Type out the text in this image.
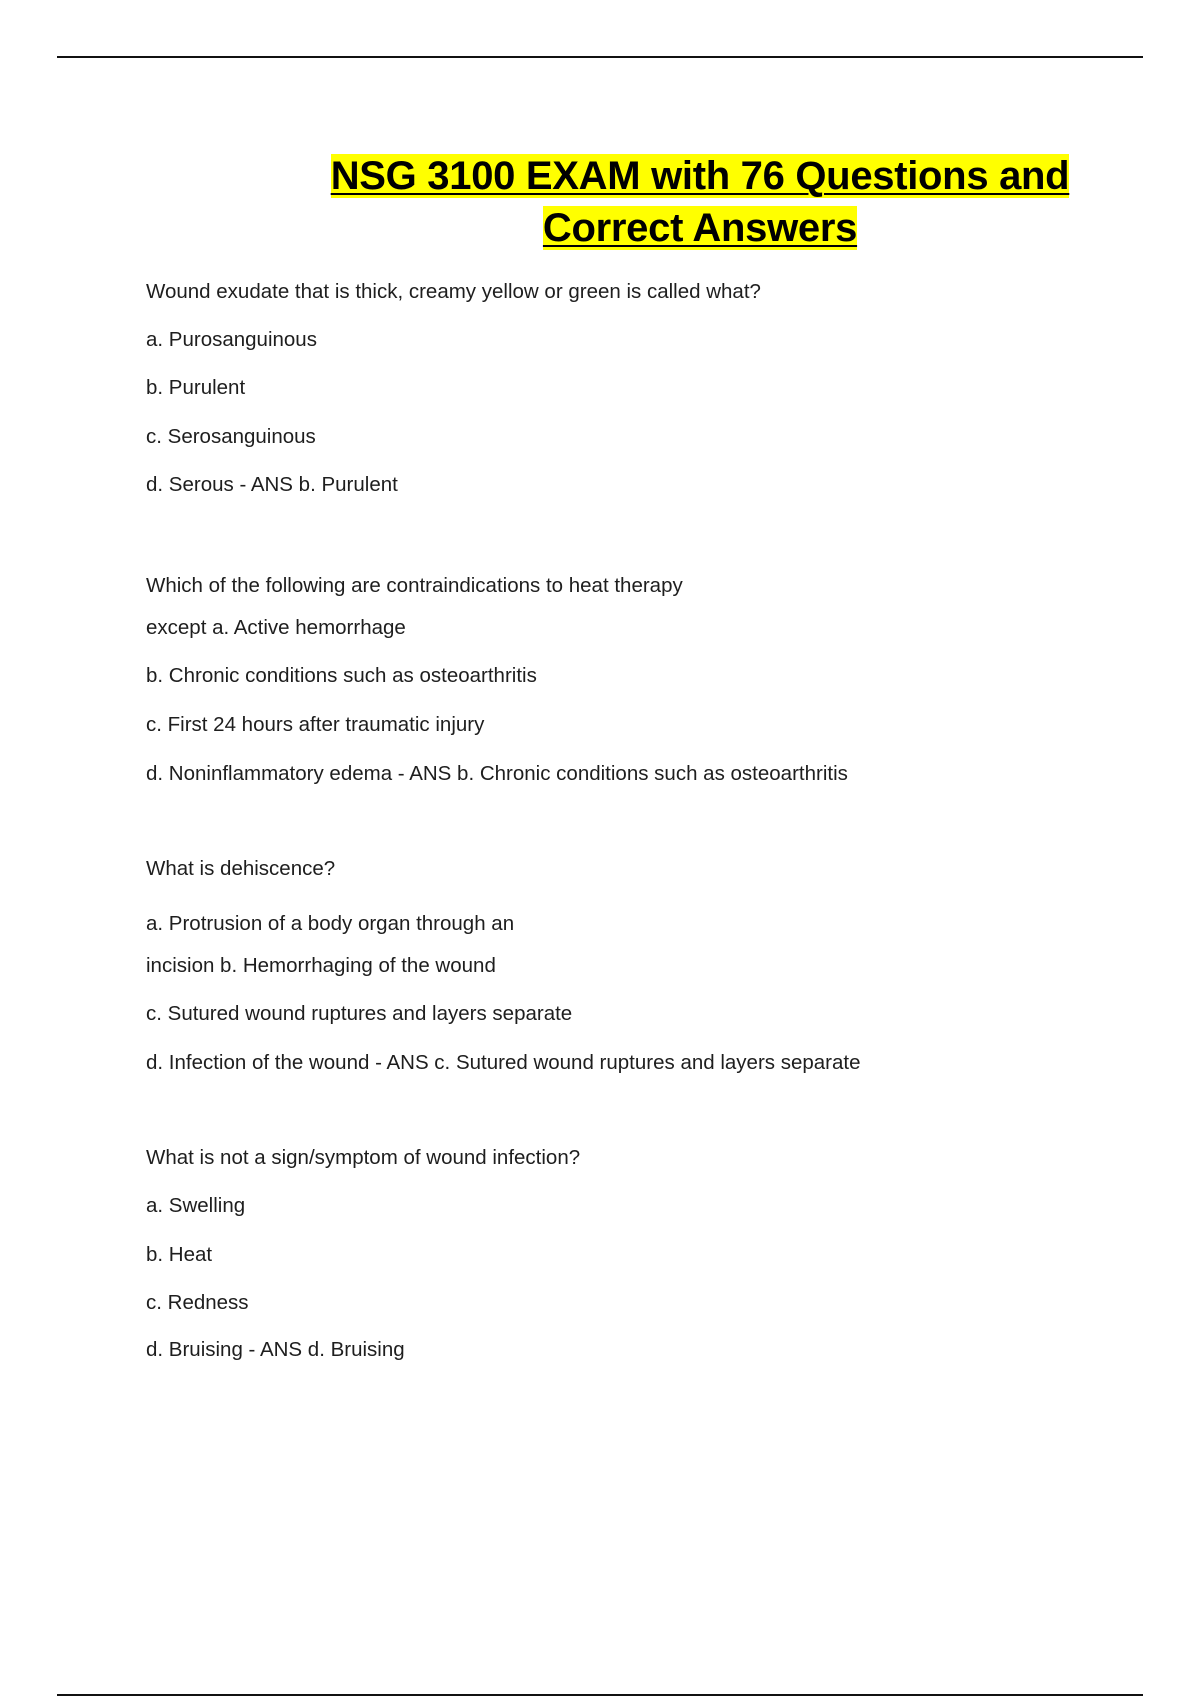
NSG 3100 EXAM with 76 Questions and
Correct Answers
Wound exudate that is thick, creamy yellow or green is called what?
a. Purosanguinous
b. Purulent
c. Serosanguinous
d. Serous - ANS b. Purulent
Which of the following are contraindications to heat therapy
except a. Active hemorrhage
b. Chronic conditions such as osteoarthritis
c. First 24 hours after traumatic injury
d. Noninflammatory edema - ANS b. Chronic conditions such as osteoarthritis
What is dehiscence?
a. Protrusion of a body organ through an
incision b. Hemorrhaging of the wound
c. Sutured wound ruptures and layers separate
d. Infection of the wound - ANS c. Sutured wound ruptures and layers separate
What is not a sign/symptom of wound infection?
a. Swelling
b. Heat
c. Redness
d. Bruising - ANS d. Bruising
